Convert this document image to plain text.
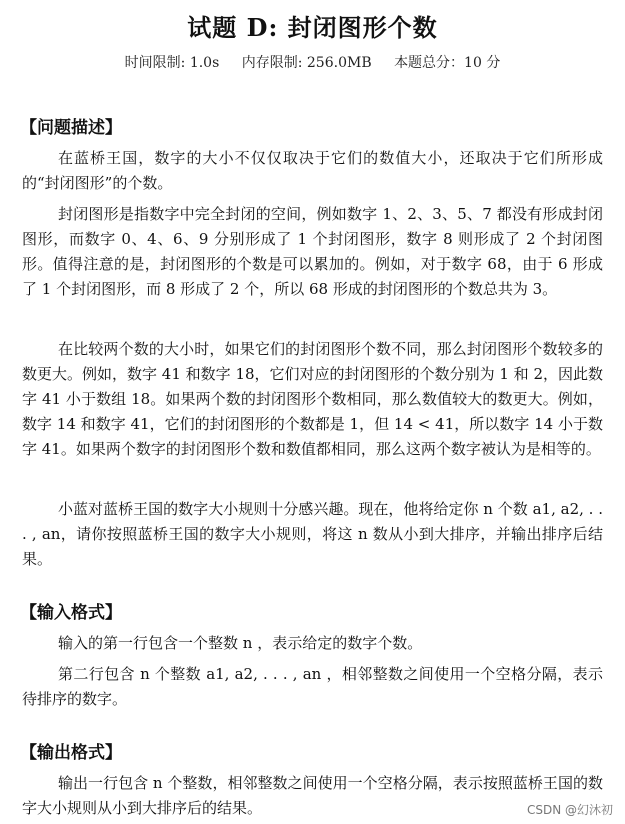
试题 D: 封闭图形个数
时间限制: 1.0s 内存限制: 256.0MB 本题总分：10 分
【问题描述】
在蓝桥王国，数字的大小不仅仅取决于它们的数值大小，还取决于它们所形成的“封闭图形”的个数。
封闭图形是指数字中完全封闭的空间，例如数字 1、2、3、5、7 都没有形成封闭图形，而数字 0、4、6、9 分别形成了 1 个封闭图形，数字 8 则形成了 2 个封闭图形。值得注意的是，封闭图形的个数是可以累加的。例如，对于数字 68，由于 6 形成了 1 个封闭图形，而 8 形成了 2 个，所以 68 形成的封闭图形的个数总共为 3。
在比较两个数的大小时，如果它们的封闭图形个数不同，那么封闭图形个数较多的数更大。例如，数字 41 和数字 18，它们对应的封闭图形的个数分别为 1 和 2，因此数字 41 小于数组 18。如果两个数的封闭图形个数相同，那么数值较大的数更大。例如，数字 14 和数字 41，它们的封闭图形的个数都是 1，但 14 < 41，所以数字 14 小于数字 41。如果两个数字的封闭图形个数和数值都相同，那么这两个数字被认为是相等的。
小蓝对蓝桥王国的数字大小规则十分感兴趣。现在，他将给定你 n 个数 a1, a2, . . . , an，请你按照蓝桥王国的数字大小规则，将这 n 数从小到大排序，并输出排序后结果。
【输入格式】
输入的第一行包含一个整数 n ，表示给定的数字个数。
第二行包含 n 个整数 a1, a2, . . . , an ，相邻整数之间使用一个空格分隔，表示待排序的数字。
【输出格式】
输出一行包含 n 个整数，相邻整数之间使用一个空格分隔，表示按照蓝桥王国的数字大小规则从小到大排序后的结果。	CSDN @幻沐初
